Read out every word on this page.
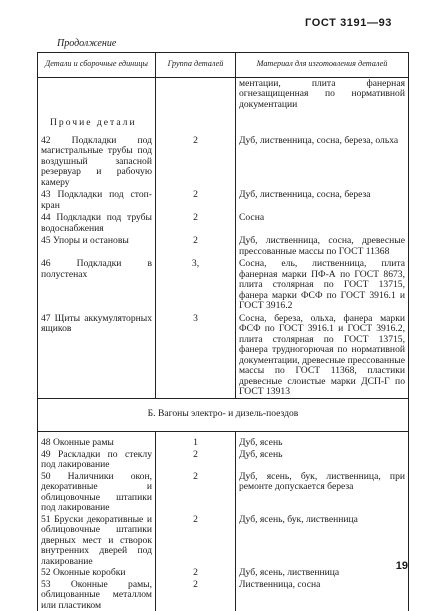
ГОСТ 3191—93
Продолжение
Детали и сборочные единицы	Группа деталей	Материал для изготовления деталей
		ментации, плита фанерная огнезащищенная по нормативной документации
Прочие детали		
42 Подкладки под магистральные трубы под воздушный запасной резервуар и рабочую камеру	2	Дуб, лиственница, сосна, береза, ольха
43 Подкладки под стоп-кран	2	Дуб, лиственница, сосна, береза
44 Подкладки под трубы водоснабжения	2	Сосна
45 Упоры и остановы	2	Дуб, лиственница, сосна, древесные прессованные массы по ГОСТ 11368
46 Подкладки в полустенах	3,	Сосна, ель, лиственница, плита фанерная марки ПФ-А по ГОСТ 8673, плита столярная по ГОСТ 13715, фанера марки ФСФ по ГОСТ 3916.1 и ГОСТ 3916.2
47 Щиты аккумуляторных ящиков	3	Сосна, береза, ольха, фанера марки ФСФ по ГОСТ 3916.1 и ГОСТ 3916.2, плита столярная по ГОСТ 13715, фанера трудногорючая по нормативной документации, древесные прессованные массы по ГОСТ 11368, пластики древесные слоистые марки ДСП-Г по ГОСТ 13913
Б. Вагоны электро- и дизель-поездов		
48 Оконные рамы	1	Дуб, ясень
49 Раскладки по стеклу под лакирование	2	Дуб, ясень
50 Наличники окон, декоративные и облицовочные штапики под лакирование	2	Дуб, ясень, бук, лиственница, при ремонте допускается береза
51 Бруски декоративные и облицовочные штапики дверных мест и створок внутренних дверей под лакирование	2	Дуб, ясень, бук, лиственница
52 Оконные коробки	2	Дуб, ясень, лиственница
53 Оконные рамы, облицованные металлом или пластиком	2	Лиственница, сосна
19
